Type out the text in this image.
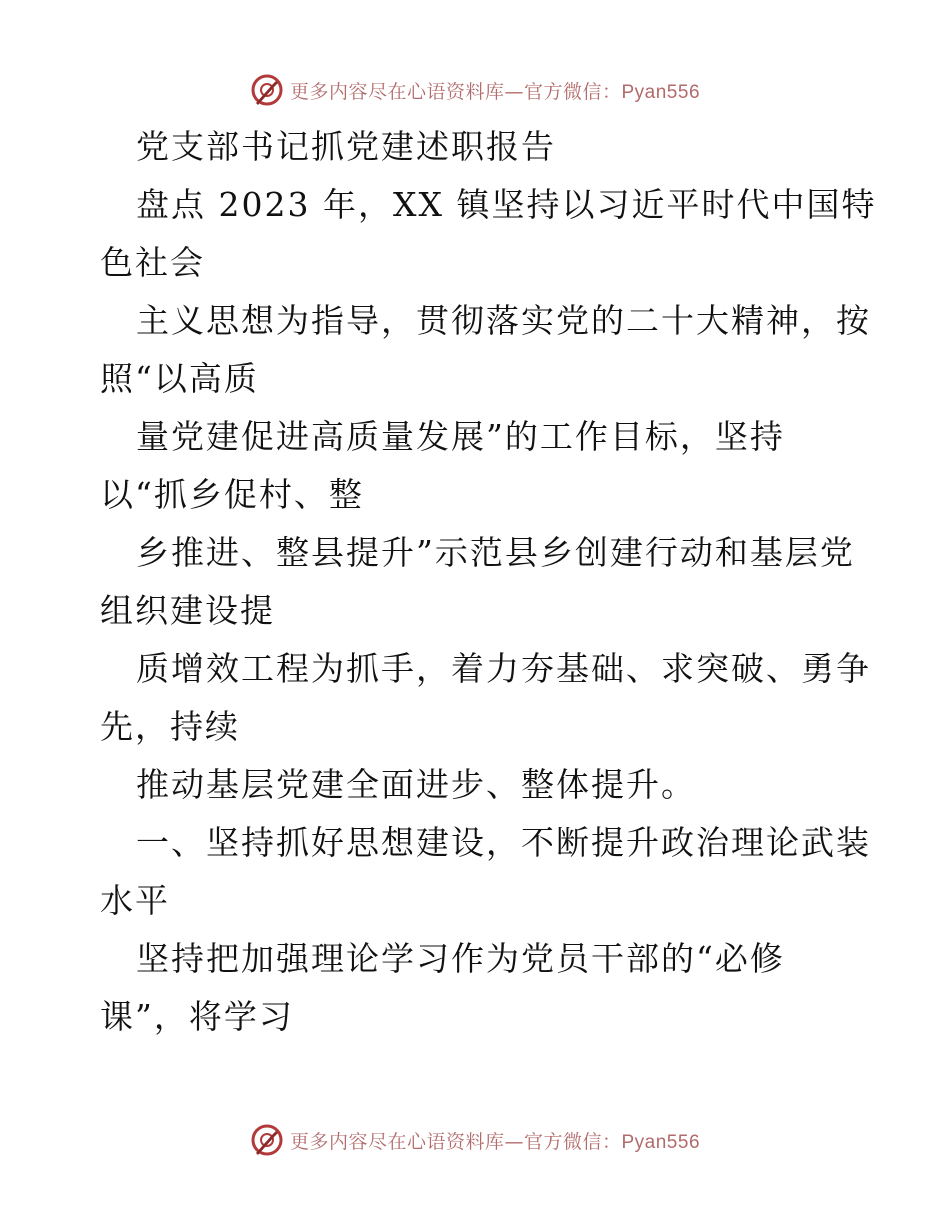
更多内容尽在心语资料库—官方微信：Pyan556
党支部书记抓党建述职报告
盘点 2023 年，XX 镇坚持以习近平时代中国特
色社会
主义思想为指导，贯彻落实党的二十大精神，按
照“以高质
量党建促进高质量发展”的工作目标，坚持
以“抓乡促村、整
乡推进、整县提升”示范县乡创建行动和基层党
组织建设提
质增效工程为抓手，着力夯基础、求突破、勇争
先，持续
推动基层党建全面进步、整体提升。
一、坚持抓好思想建设，不断提升政治理论武装
水平
坚持把加强理论学习作为党员干部的“必修
课”，将学习
更多内容尽在心语资料库—官方微信：Pyan556
